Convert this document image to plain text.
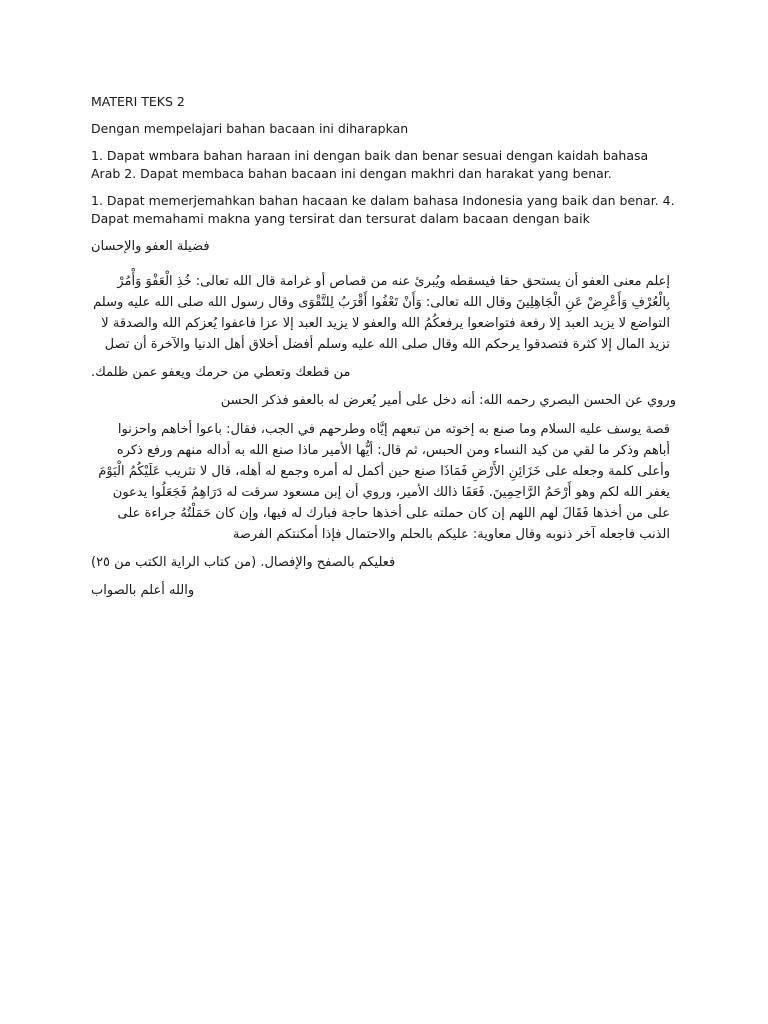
MATERI TEKS 2

Dengan mempelajari bahan bacaan ini diharapkan

1. Dapat wmbara bahan haraan ini dengan baik dan benar sesuai dengan kaidah bahasa Arab 2. Dapat membaca bahan bacaan ini dengan makhri dan harakat yang benar.

1. Dapat memerjemahkan bahan hacaan ke dalam bahasa Indonesia yang baik dan benar. 4. Dapat memahami makna yang tersirat dan tersurat dalam bacaan dengan baik

فضيلة العفو والإحسان

إعلم معنى العفو أن يستحق حقا فيسقطه ويُبرئ عنه من قصاص أو غرامة قال الله تعالى: خُذِ الْعَفْوَ وَأْمُرْ بِالْعُرْفِ وَأَعْرِضْ عَنِ الْجَاهِلِينَ وقال الله تعالى: وَأَنْ تَعْفُوا أَقْرَبُ لِلتَّقْوَى وقال رسول الله صلى الله عليه وسلم التواضع لا يزيد العبد إلا رفعة فتواضعوا يرفعكُمُ الله والعفو لا يزيد العبد إلا عزا فاعفوا يُعزكم الله والصدقة لا تزيد المال إلا كثرة فتصدقوا يرحكم الله وقال صلى الله عليه وسلم أفضل أخلاق أهل الدنيا والآخرة أن تصل

من قطعك وتعطي من حرمك ويعفو عمن ظلمك.

وروي عن الحسن البصري رحمه الله: أنه دخل على أمير يُعرض له بالعفو فذكر الحسن

قصة يوسف عليه السلام وما صنع به إخوته من تبعهم إيَّاه وطرحهم في الجب، فقال: باعوا أخاهم واحزنوا أباهم وذكر ما لقي من كيد النساء ومن الحبس، ثم قال: أيُّها الأمير ماذا صنع الله به أداله منهم ورفع ذكره وأعلى كلمة وجعله على خَزَائِنِ الأَرْضِ فَمَاذَا صنع حين أكمل له أمره وجمع له أهله، قال لا تثريب عَلَيْكُمُ الْيَوْمَ يغفر الله لكم وهو أَرْحَمُ الرَّاحِمِينَ. فَعَفَا ذالك الأمير، وروي أن إبن مسعود سرقت له دَرَاهِمُ فَجَعَلُوا يدعون على من أخذها فَقَالَ لهم اللهم إن كان حملته على أخذها حاجة فبارك له فيها، وإن كان حَمَلْتُهُ جراءة على الذنب فاجعله آخر ذنوبه وقال معاوية: عليكم بالحلم والاحتمال فإذا أمكنتكم الفرصة

فعليكم بالصفح والإفصال. (من كتاب الراية الكتب من ٢٥)

والله أعلم بالصواب
